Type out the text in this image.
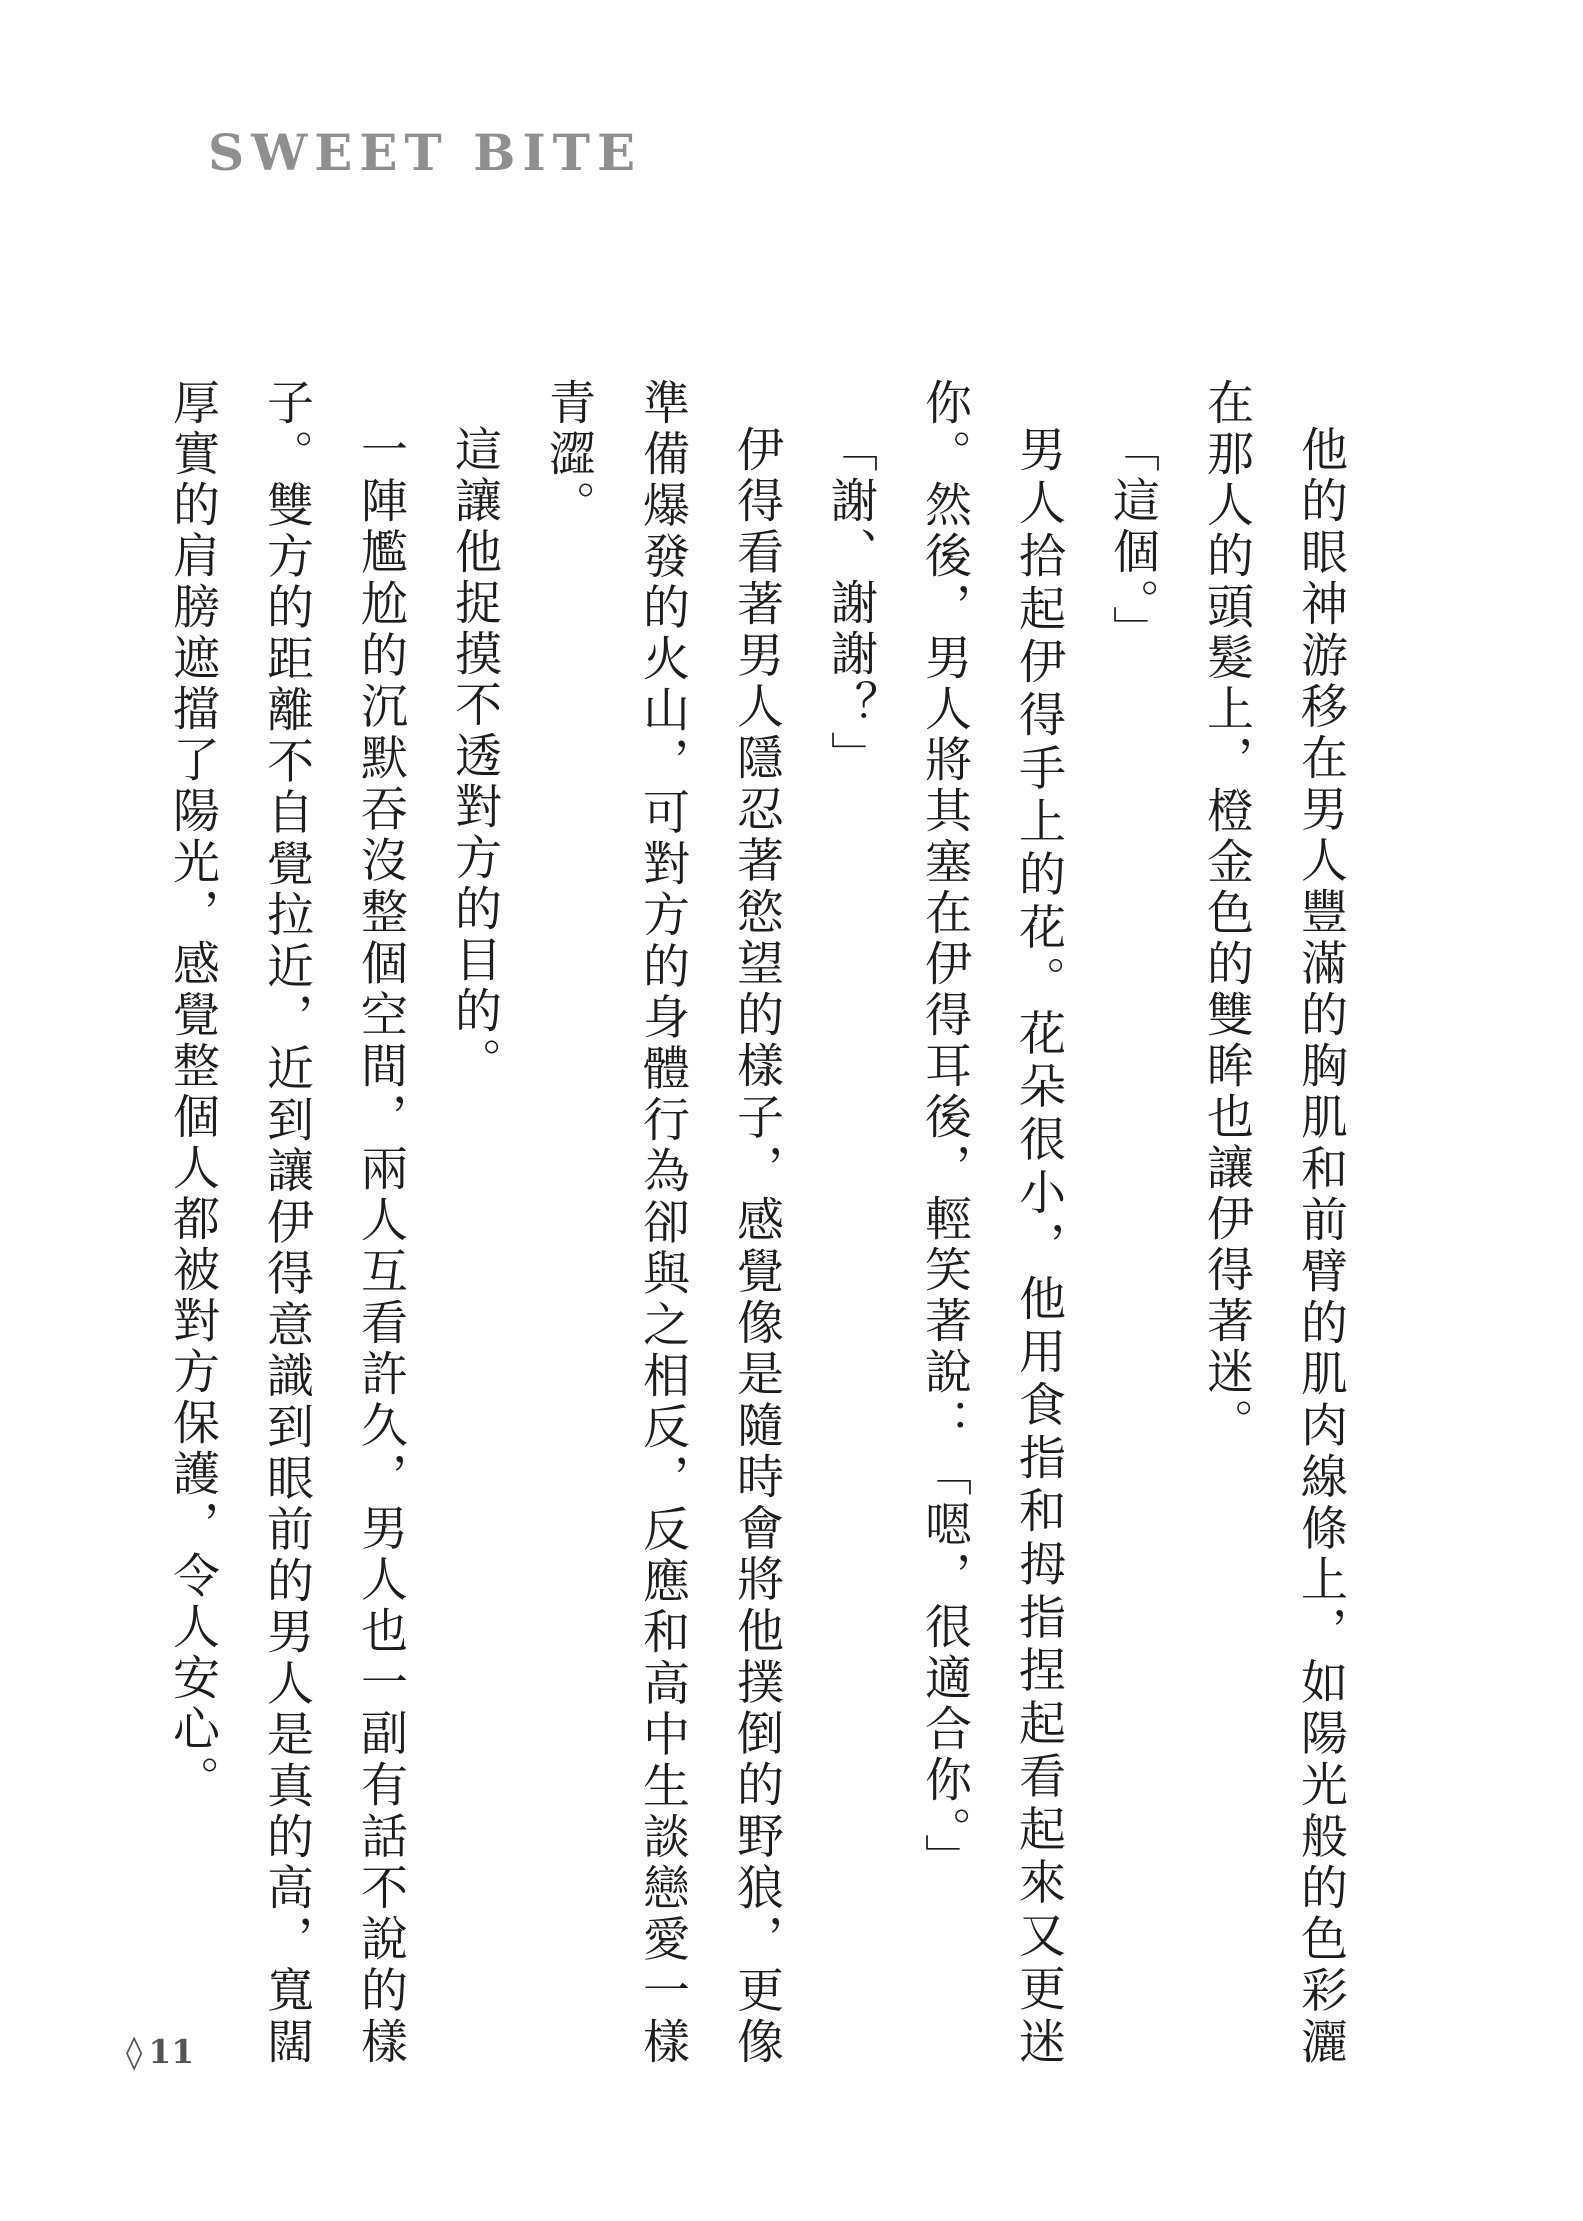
SWEET BITE

他的眼神游移在男人豐滿的胸肌和前臂的肌肉線條上，如陽光般的色彩灑在那人的頭髮上，橙金色的雙眸也讓伊得著迷。

「這個。」

男人拾起伊得手上的花。花朵很小，他用食指和拇指捏起看起來又更迷你。然後，男人將其塞在伊得耳後，輕笑著說：「嗯，很適合你。」

「謝、謝謝？」

伊得看著男人隱忍著慾望的樣子，感覺像是隨時會將他撲倒的野狼，更像準備爆發的火山，可對方的身體行為卻與之相反，反應和高中生談戀愛一樣青澀。

這讓他捉摸不透對方的目的。

一陣尷尬的沉默吞沒整個空間，兩人互看許久，男人也一副有話不說的樣子。雙方的距離不自覺拉近，近到讓伊得意識到眼前的男人是真的高，寬闊厚實的肩膀遮擋了陽光，感覺整個人都被對方保護，令人安心。

◊ 11
